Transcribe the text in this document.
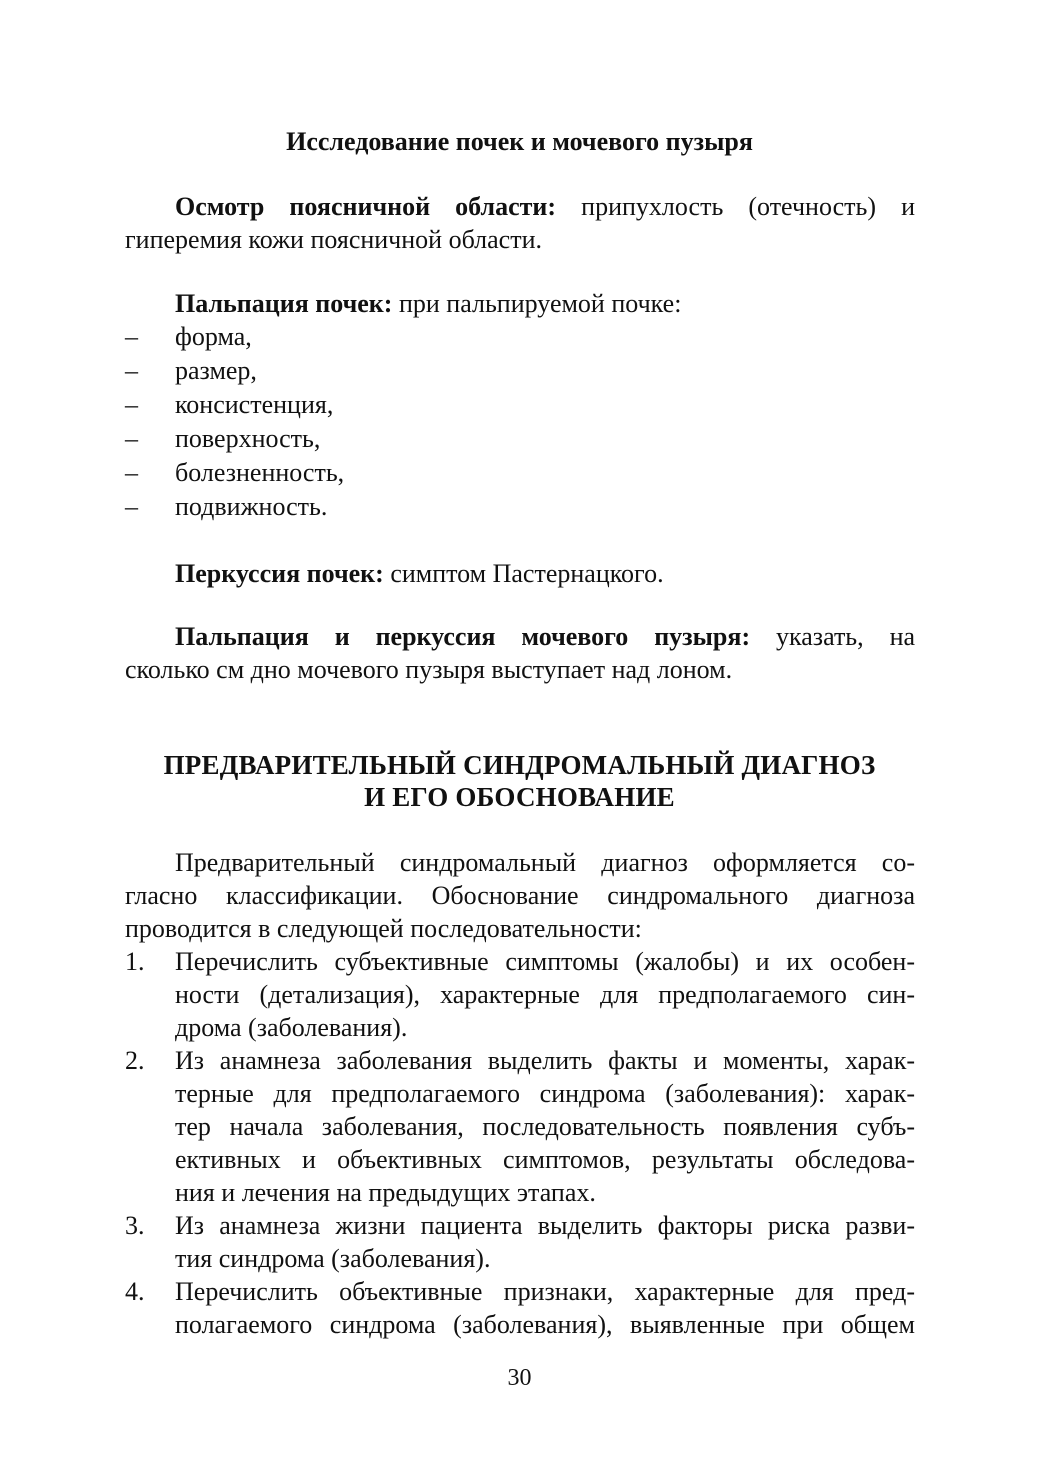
Исследование почек и мочевого пузыря
Осмотр поясничной области: припухлость (отечность) и
гиперемия кожи поясничной области.
Пальпация почек: при пальпируемой почке:
– форма,
– размер,
– консистенция,
– поверхность,
– болезненность,
– подвижность.
Перкуссия почек: симптом Пастернацкого.
Пальпация и перкуссия мочевого пузыря: указать, на
сколько см дно мочевого пузыря выступает над лоном.
ПРЕДВАРИТЕЛЬНЫЙ СИНДРОМАЛЬНЫЙ ДИАГНОЗ
И ЕГО ОБОСНОВАНИЕ
Предварительный синдромальный диагноз оформляется со-
гласно классификации. Обоснование синдромального диагноза
проводится в следующей последовательности:
1. Перечислить субъективные симптомы (жалобы) и их особен-
ности (детализация), характерные для предполагаемого син-
дрома (заболевания).
2. Из анамнеза заболевания выделить факты и моменты, харак-
терные для предполагаемого синдрома (заболевания): харак-
тер начала заболевания, последовательность появления субъ-
ективных и объективных симптомов, результаты обследова-
ния и лечения на предыдущих этапах.
3. Из анамнеза жизни пациента выделить факторы риска разви-
тия синдрома (заболевания).
4. Перечислить объективные признаки, характерные для пред-
полагаемого синдрома (заболевания), выявленные при общем
30
